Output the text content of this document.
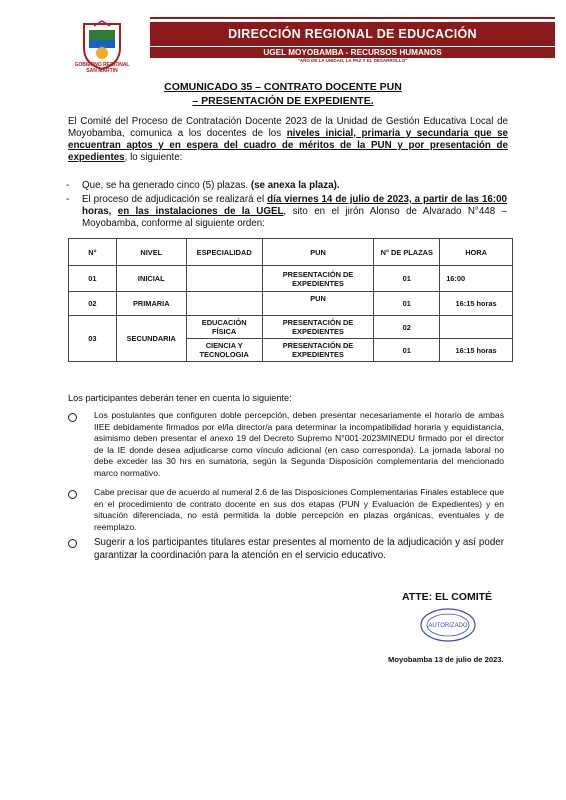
GOBIERNO REGIONAL
SAN MARTIN
DIRECCIÓN REGIONAL DE EDUCACIÓN
UGEL MOYOBAMBA - RECURSOS HUMANOS
"AÑO DE LA UNIDAD, LA PAZ Y EL DESARROLLO"
COMUNICADO 35 – CONTRATO DOCENTE PUN
– PRESENTACIÓN DE EXPEDIENTE.
El Comité del Proceso de Contratación Docente 2023 de la Unidad de Gestión Educativa Local de Moyobamba, comunica a los docentes de los niveles inicial, primaria y secundaria que se encuentran aptos y en espera del cuadro de méritos de la PUN y por presentación de expedientes, lo siguiente:
- Que, se ha generado cinco (5) plazas. (se anexa la plaza).
- El proceso de adjudicación se realizará el día viernes 14 de julio de 2023, a partir de las 16:00 horas, en las instalaciones de la UGEL, sito en el jirón Alonso de Alvarado N°448 – Moyobamba, conforme al siguiente orden:
N°	NIVEL	ESPECIALIDAD	PUN	N° DE PLAZAS	HORA
01	INICIAL		PRESENTACIÓN DE EXPEDIENTES	01	16:00
02	PRIMARIA		PUN	01	16:15 horas
03	SECUNDARIA	EDUCACIÓN FÍSICA	PRESENTACIÓN DE EXPEDIENTES	02	
		CIENCIA Y TECNOLOGIA	PRESENTACIÓN DE EXPEDIENTES	01	16:15 horas
Los participantes deberán tener en cuenta lo siguiente:
Los postulantes que configuren doble percepción, deben presentar necesariamente el horario de ambas IIEE debidamente firmados por el/la director/a para determinar la incompatibilidad horaria y equidistancia, asimismo deben presentar el anexo 19 del Decreto Supremo N°001-2023MINEDU firmado por el director de la IE donde desea adjudicarse como vínculo adicional (en caso corresponda). La jornada laboral no debe exceder las 30 hrs en sumatoria, según la Segunda Disposición complementaria del mencionado marco normativo.
Cabe precisar que de acuerdo al numeral 2.6 de las Disposiciones Complementarias Finales establece que en el procedimiento de contrato docente en sus dos etapas (PUN y Evaluación de Expedientes) y en situación diferenciada, no está permitida la doble percepción en plazas orgánicas, eventuales y de reemplazo.
Sugerir a los participantes titulares estar presentes al momento de la adjudicación y así poder garantizar la coordinación para la atención en el servicio educativo.
ATTE: EL COMITÉ
AUTORIZADO
Moyobamba 13 de julio de 2023.
